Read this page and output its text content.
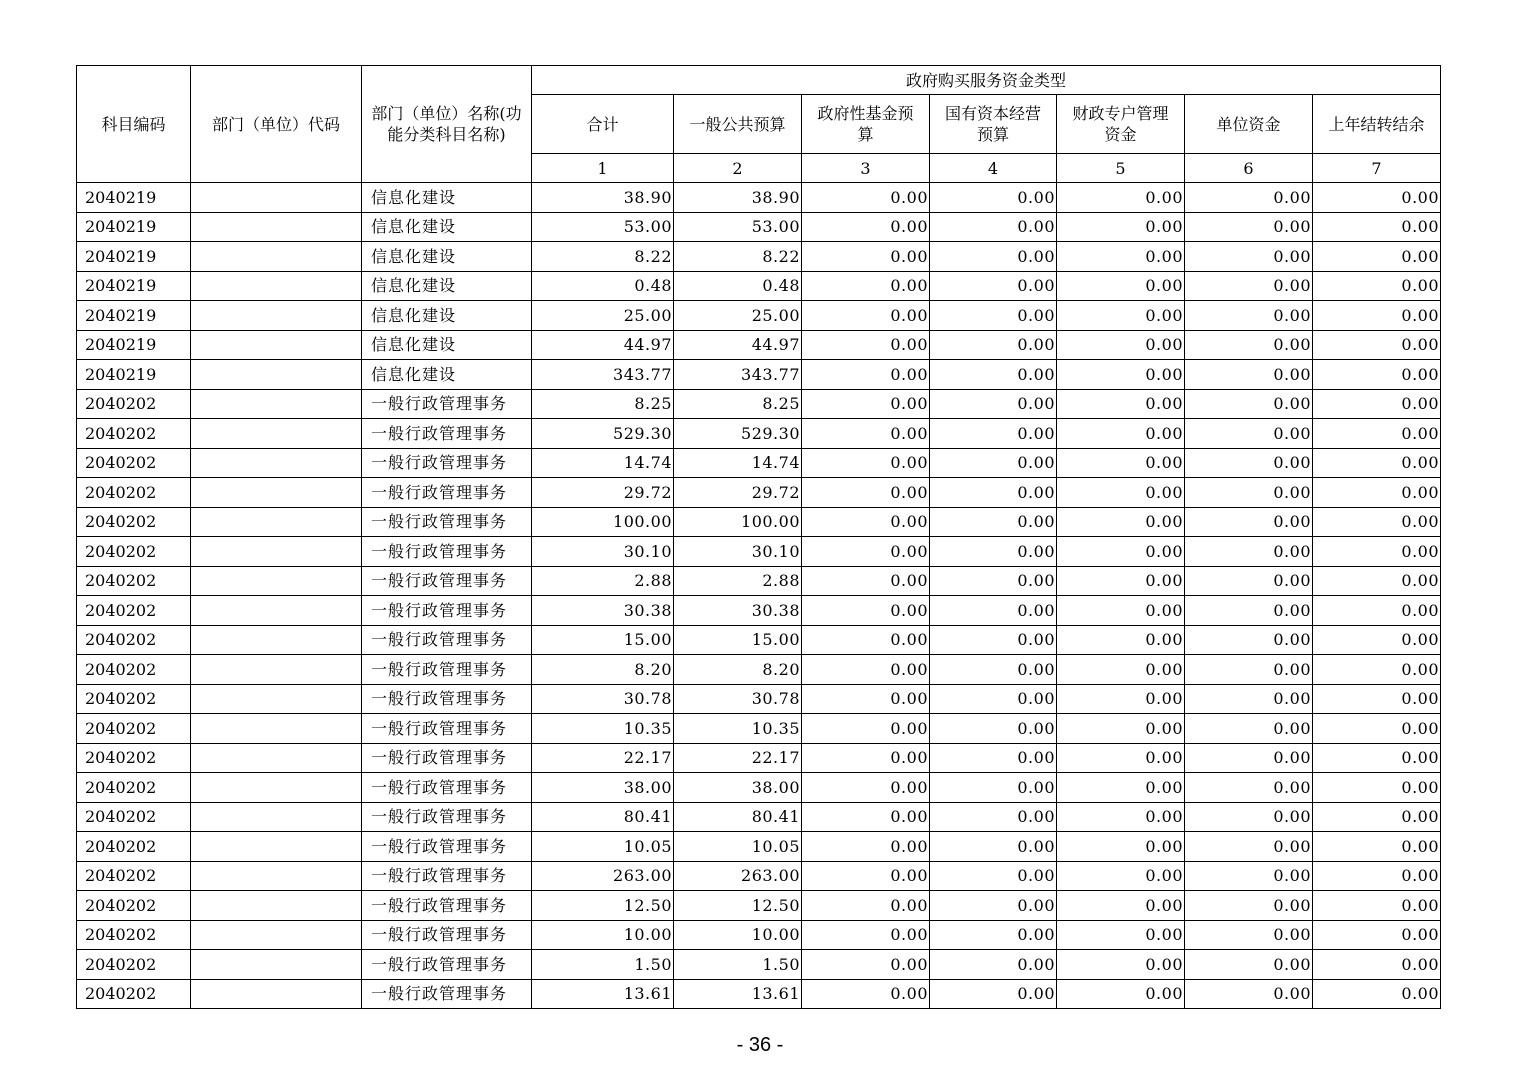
科目编码	部门（单位）代码	部门（单位）名称(功能分类科目名称)	政府购买服务资金类型						
			合计	一般公共预算	政府性基金预算	国有资本经营预算	财政专户管理资金	单位资金	上年结转结余
			1	2	3	4	5	6	7
2040219		信息化建设	38.90	38.90	0.00	0.00	0.00	0.00	0.00
2040219		信息化建设	53.00	53.00	0.00	0.00	0.00	0.00	0.00
2040219		信息化建设	8.22	8.22	0.00	0.00	0.00	0.00	0.00
2040219		信息化建设	0.48	0.48	0.00	0.00	0.00	0.00	0.00
2040219		信息化建设	25.00	25.00	0.00	0.00	0.00	0.00	0.00
2040219		信息化建设	44.97	44.97	0.00	0.00	0.00	0.00	0.00
2040219		信息化建设	343.77	343.77	0.00	0.00	0.00	0.00	0.00
2040202		一般行政管理事务	8.25	8.25	0.00	0.00	0.00	0.00	0.00
2040202		一般行政管理事务	529.30	529.30	0.00	0.00	0.00	0.00	0.00
2040202		一般行政管理事务	14.74	14.74	0.00	0.00	0.00	0.00	0.00
2040202		一般行政管理事务	29.72	29.72	0.00	0.00	0.00	0.00	0.00
2040202		一般行政管理事务	100.00	100.00	0.00	0.00	0.00	0.00	0.00
2040202		一般行政管理事务	30.10	30.10	0.00	0.00	0.00	0.00	0.00
2040202		一般行政管理事务	2.88	2.88	0.00	0.00	0.00	0.00	0.00
2040202		一般行政管理事务	30.38	30.38	0.00	0.00	0.00	0.00	0.00
2040202		一般行政管理事务	15.00	15.00	0.00	0.00	0.00	0.00	0.00
2040202		一般行政管理事务	8.20	8.20	0.00	0.00	0.00	0.00	0.00
2040202		一般行政管理事务	30.78	30.78	0.00	0.00	0.00	0.00	0.00
2040202		一般行政管理事务	10.35	10.35	0.00	0.00	0.00	0.00	0.00
2040202		一般行政管理事务	22.17	22.17	0.00	0.00	0.00	0.00	0.00
2040202		一般行政管理事务	38.00	38.00	0.00	0.00	0.00	0.00	0.00
2040202		一般行政管理事务	80.41	80.41	0.00	0.00	0.00	0.00	0.00
2040202		一般行政管理事务	10.05	10.05	0.00	0.00	0.00	0.00	0.00
2040202		一般行政管理事务	263.00	263.00	0.00	0.00	0.00	0.00	0.00
2040202		一般行政管理事务	12.50	12.50	0.00	0.00	0.00	0.00	0.00
2040202		一般行政管理事务	10.00	10.00	0.00	0.00	0.00	0.00	0.00
2040202		一般行政管理事务	1.50	1.50	0.00	0.00	0.00	0.00	0.00
2040202		一般行政管理事务	13.61	13.61	0.00	0.00	0.00	0.00	0.00
- 36 -
